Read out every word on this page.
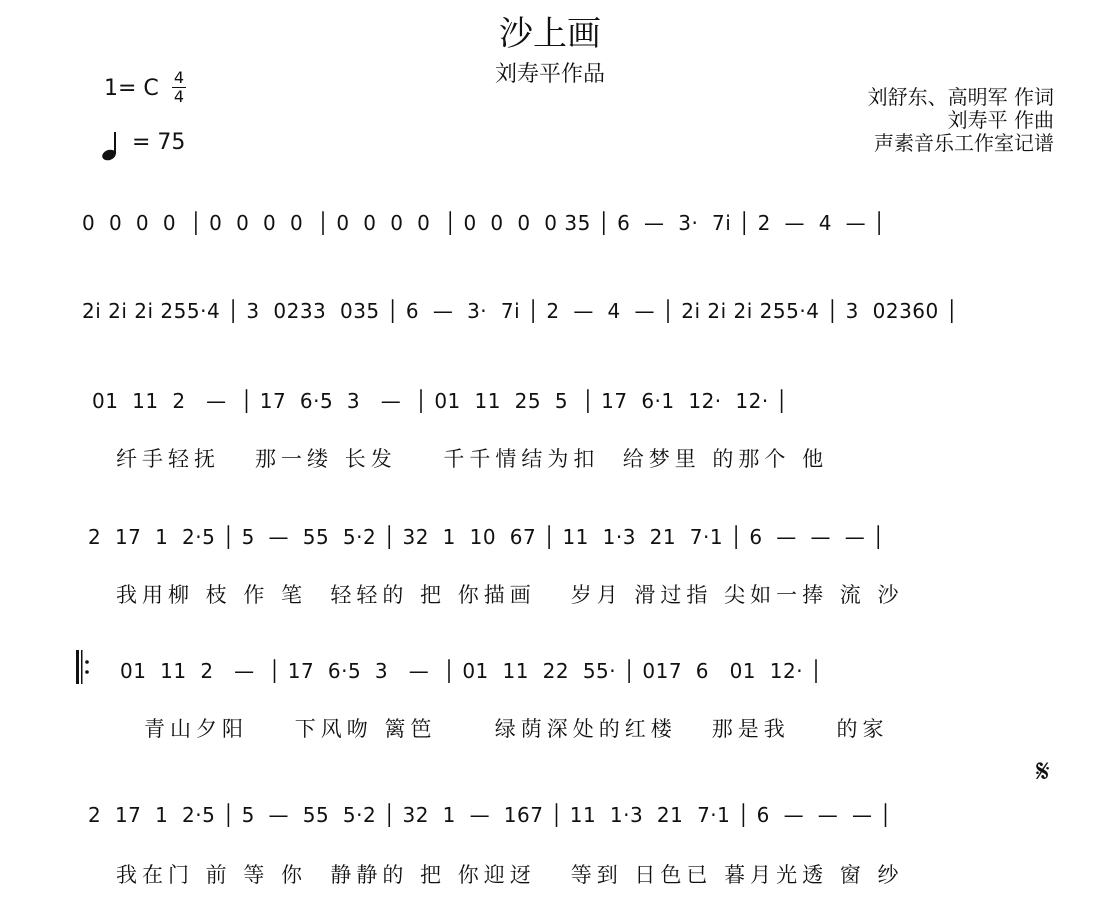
沙上画
刘寿平作品
刘舒东、高明军 作词
刘寿平 作曲
声素音乐工作室记谱
1= C 4
4
= 75
0  0  0  0  │ 0  0  0  0  │ 0  0  0  0  │ 0  0  0  0 35 │ 6  —  3·  7i │ 2  —  4  — │
2i 2i 2i 255·4 │ 3  0233  035 │ 6  —  3·  7i │ 2  —  4  — │ 2i 2i 2i 255·4 │ 3  02360 │
01  11  2   —  │ 17  6·5  3   —  │ 01  11  25  5  │ 17  6·1  12·  12· │
纤手轻抚   那一缕 长发    千千情结为扣  给梦里 的那个 他
2  17  1  2·5 │ 5  —  55  5·2 │ 32  1  10  67 │ 11  1·3  21  7·1 │ 6  —  —  — │
我用柳 枝 作 笔  轻轻的 把 你描画   岁月 滑过指 尖如一捧 流 沙
01  11  2   —  │ 17  6·5  3   —  │ 01  11  22  55· │ 017  6   01  12· │
青山夕阳    下风吻 篱笆     绿荫深处的红楼   那是我    的家
𝄋
2  17  1  2·5 │ 5  —  55  5·2 │ 32  1  —  167 │ 11  1·3  21  7·1 │ 6  —  —  — │
我在门 前 等 你  静静的 把 你迎迓   等到 日色已 暮月光透 窗 纱
